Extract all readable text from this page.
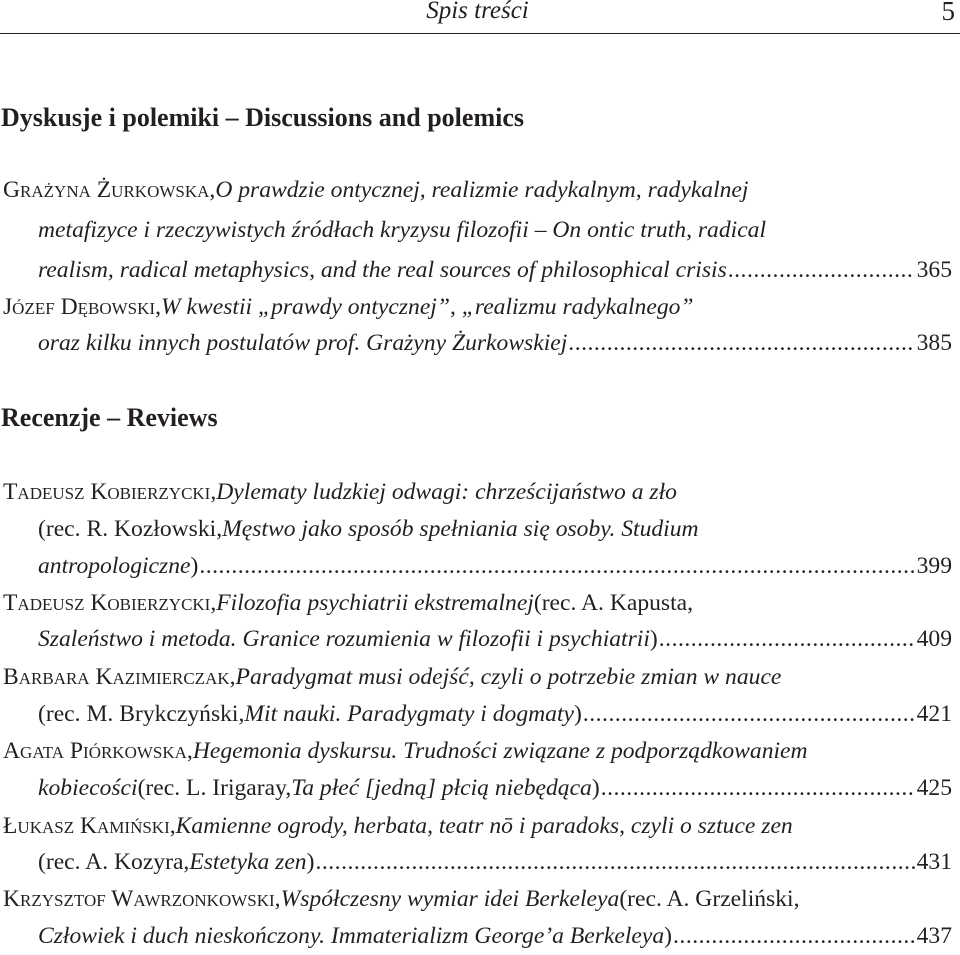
Spis treści	5
Dyskusje i polemiki – Discussions and polemics
Grażyna Żurkowska , O prawdzie ontycznej, realizmie radykalnym, radykalnej
metafizyce i rzeczywistych źródłach kryzysu filozofii – On ontic truth, radical
realism, radical metaphysics, and the real sources of philosophical crisis .....	365
Józef Dębowski , W kwestii „prawdy ontycznej”, „realizmu radykalnego”
oraz kilku innych postulatów prof. Grażyny Żurkowskiej .....	385
Recenzje – Reviews
Tadeusz Kobierzycki , Dylematy ludzkiej odwagi: chrześcijaństwo a zło
(rec. R. Kozłowski, Męstwo jako sposób spełniania się osoby. Studium
antropologiczne ) .....	399
Tadeusz Kobierzycki , Filozofia psychiatrii ekstremalnej (rec. A. Kapusta,
Szaleństwo i metoda. Granice rozumienia w filozofii i psychiatrii ) .....	409
Barbara Kazimierczak , Paradygmat musi odejść, czyli o potrzebie zmian w nauce
(rec. M. Brykczyński, Mit nauki. Paradygmaty i dogmaty ) .....	421
Agata Piórkowska , Hegemonia dyskursu. Trudności związane z podporządkowaniem
kobiecości (rec. L. Irigaray, Ta płeć [jedną] płcią niebędąca ) .....	425
Łukasz Kamiński , Kamienne ogrody, herbata, teatr nō i paradoks, czyli o sztuce zen
(rec. A. Kozyra, Estetyka zen ) .....	431
Krzysztof Wawrzonkowski , Współczesny wymiar idei Berkeleya (rec. A. Grzeliński,
Człowiek i duch nieskończony. Immaterializm George’a Berkeleya ) .....	437
